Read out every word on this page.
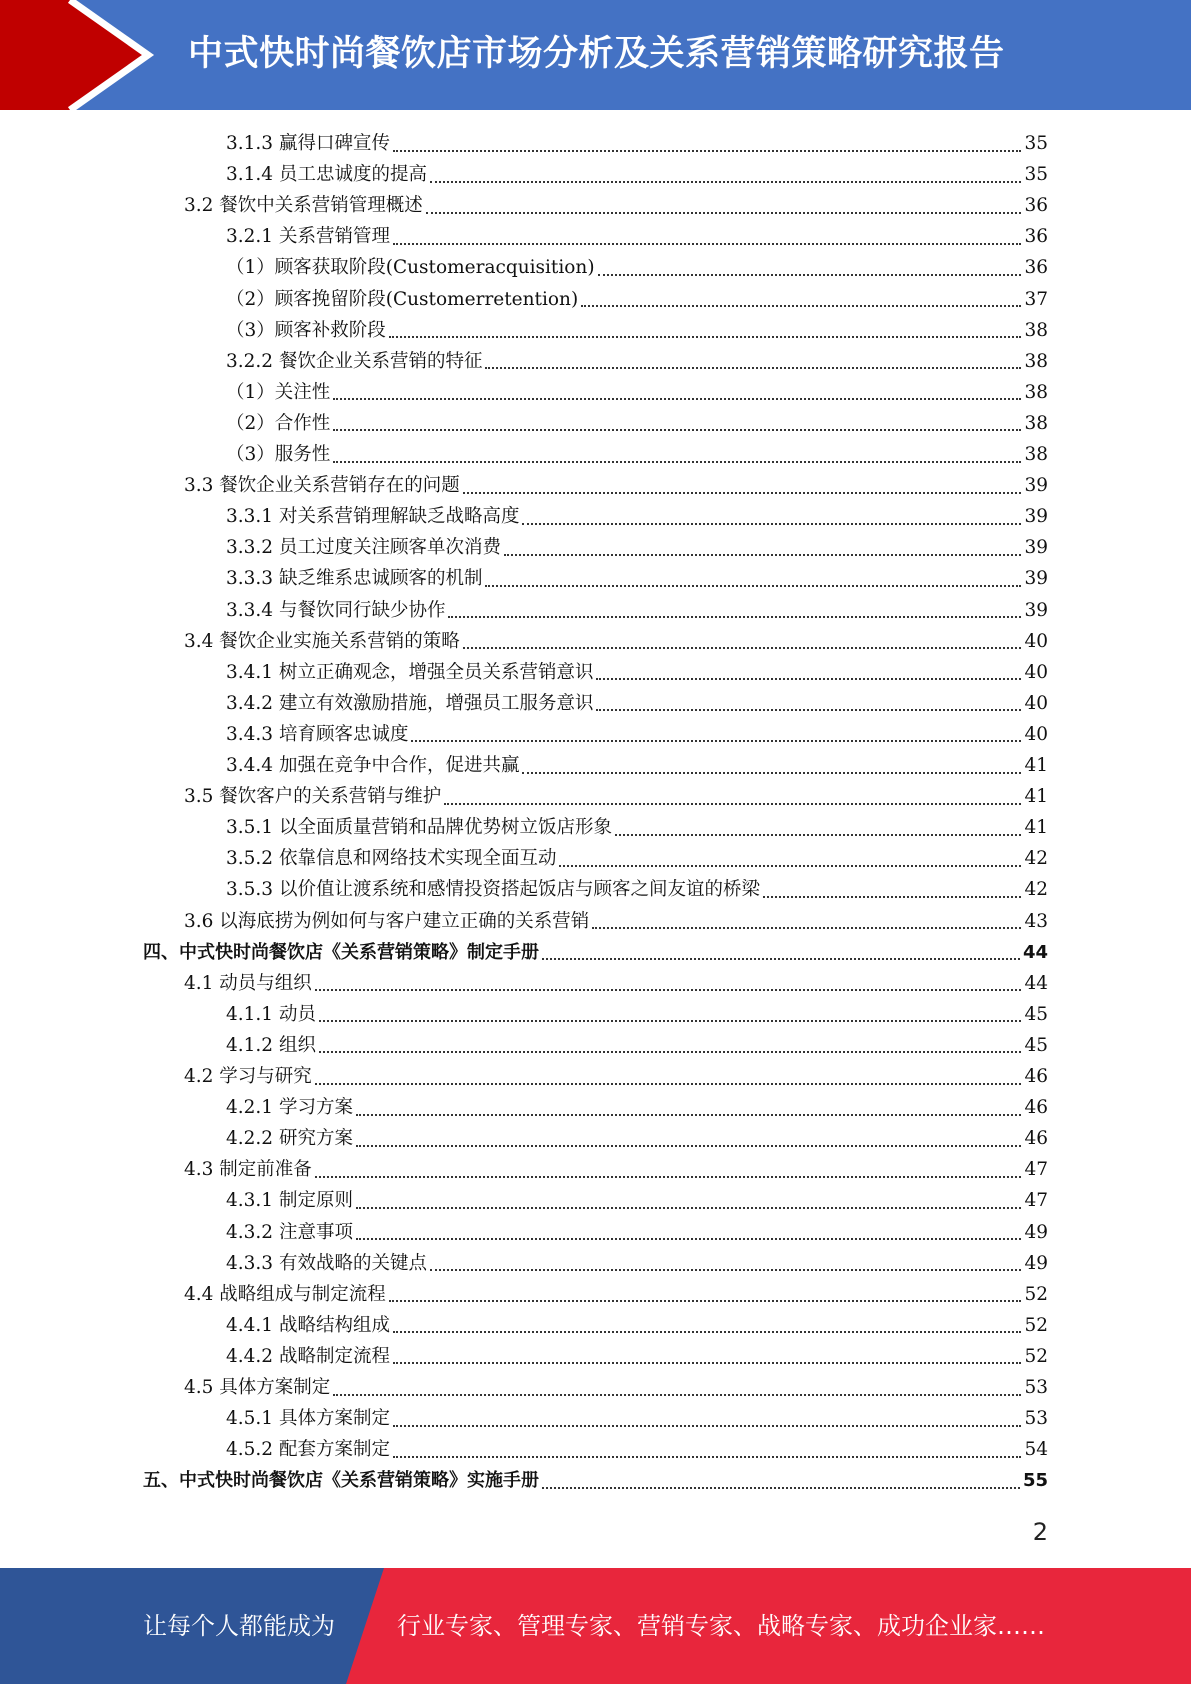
中式快时尚餐饮店市场分析及关系营销策略研究报告
3.1.3 赢得口碑宣传	35
3.1.4 员工忠诚度的提高	35
3.2 餐饮中关系营销管理概述	36
3.2.1 关系营销管理	36
（1）顾客获取阶段(Customeracquisition)	36
（2）顾客挽留阶段(Customerretention)	37
（3）顾客补救阶段	38
3.2.2 餐饮企业关系营销的特征	38
（1）关注性	38
（2）合作性	38
（3）服务性	38
3.3 餐饮企业关系营销存在的问题	39
3.3.1 对关系营销理解缺乏战略高度	39
3.3.2 员工过度关注顾客单次消费	39
3.3.3 缺乏维系忠诚顾客的机制	39
3.3.4 与餐饮同行缺少协作	39
3.4 餐饮企业实施关系营销的策略	40
3.4.1 树立正确观念，增强全员关系营销意识	40
3.4.2 建立有效激励措施，增强员工服务意识	40
3.4.3 培育顾客忠诚度	40
3.4.4 加强在竞争中合作，促进共赢	41
3.5 餐饮客户的关系营销与维护	41
3.5.1 以全面质量营销和品牌优势树立饭店形象	41
3.5.2 依靠信息和网络技术实现全面互动	42
3.5.3 以价值让渡系统和感情投资搭起饭店与顾客之间友谊的桥梁	42
3.6 以海底捞为例如何与客户建立正确的关系营销	43
四、中式快时尚餐饮店《关系营销策略》制定手册	44
4.1 动员与组织	44
4.1.1 动员	45
4.1.2 组织	45
4.2 学习与研究	46
4.2.1 学习方案	46
4.2.2 研究方案	46
4.3 制定前准备	47
4.3.1 制定原则	47
4.3.2 注意事项	49
4.3.3 有效战略的关键点	49
4.4 战略组成与制定流程	52
4.4.1 战略结构组成	52
4.4.2 战略制定流程	52
4.5 具体方案制定	53
4.5.1 具体方案制定	53
4.5.2 配套方案制定	54
五、中式快时尚餐饮店《关系营销策略》实施手册	55
2
让每个人都能成为	行业专家、管理专家、营销专家、战略专家、成功企业家……
